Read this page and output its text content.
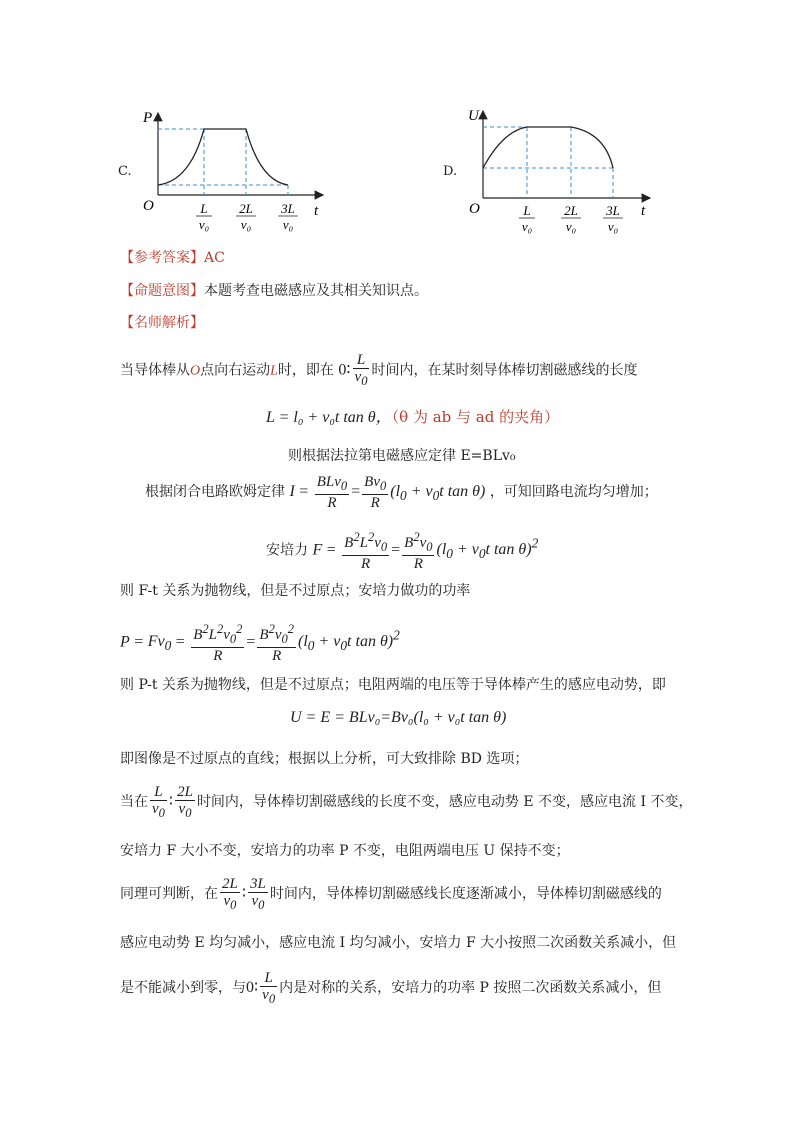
C.
P
t
O	L
v₀
2L
v₀
3L
v₀
D.
U
t
O	L
v₀
2L
v₀
3L
v₀
【参考答案】AC
【命题意图】本题考查电磁感应及其相关知识点。
【名师解析】
当导体棒从O点向右运动L时，即在 0∶ $\frac{L}{v_0}$ 时间内，在某时刻导体棒切割磁感线的长度
L = l₀ + v₀t tan θ，（θ 为 ab 与 ad 的夹角）
则根据法拉第电磁感应定律 E=BLv₀
根据闭合电路欧姆定律 $I = \frac{BLv_0}{R} = \frac{Bv_0}{R} (l_0 + v_0t$ tan θ) ，可知回路电流均匀增加；
安培力 $F = \frac{B^2L^2v_0}{R} = \frac{B^2v_0}{R} (l_0 + v_0t$ tan θ)$^2$
则 F-t 关系为抛物线，但是不过原点；安培力做功的功率
$P = Fv_0 = \frac{B^2L^2v_0^2}{R} = \frac{B^2v_0^2}{R} (l_0 + v_0t$ tan θ)$^2$
则 P-t 关系为抛物线，但是不过原点；电阻两端的电压等于导体棒产生的感应电动势，即
U = E = BLv₀=Bv₀(l₀ + v₀t tan θ)
即图像是不过原点的直线；根据以上分析，可大致排除 BD 选项；
当在 $\frac{L}{v_0}$ ∶ $\frac{2L}{v_0}$ 时间内，导体棒切割磁感线的长度不变，感应电动势 E 不变，感应电流 I 不变，
安培力 F 大小不变，安培力的功率 P 不变，电阻两端电压 U 保持不变；
同理可判断，在 $\frac{2L}{v_0}$ ∶ $\frac{3L}{v_0}$ 时间内，导体棒切割磁感线长度逐渐减小，导体棒切割磁感线的
感应电动势 E 均匀减小，感应电流 I 均匀减小，安培力 F 大小按照二次函数关系减小，但
是不能减小到零，与0∶ $\frac{L}{v_0}$ 内是对称的关系，安培力的功率 P 按照二次函数关系减小，但
